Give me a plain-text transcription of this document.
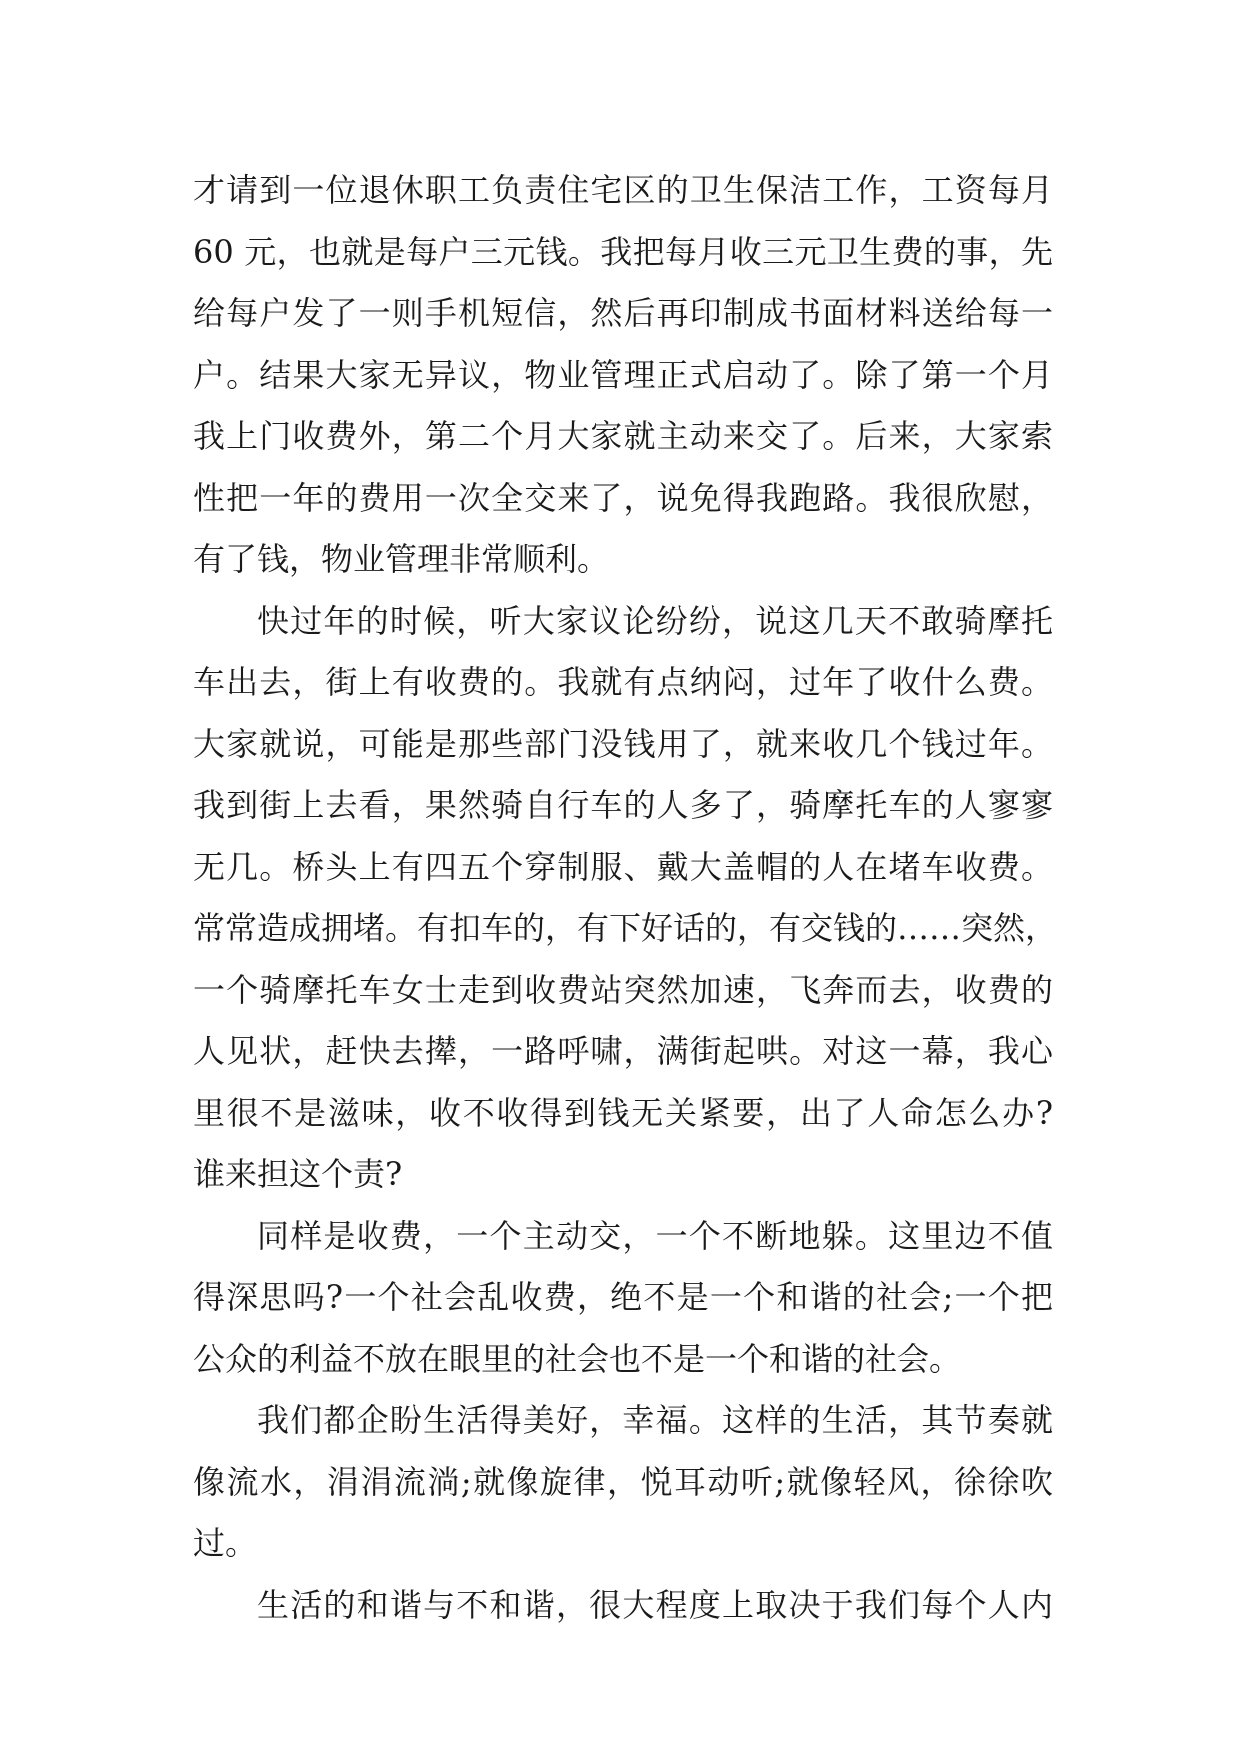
才请到一位退休职工负责住宅区的卫生保洁工作，工资每月
60 元，也就是每户三元钱。我把每月收三元卫生费的事，先
给每户发了一则手机短信，然后再印制成书面材料送给每一
户。结果大家无异议，物业管理正式启动了。除了第一个月
我上门收费外，第二个月大家就主动来交了。后来，大家索
性把一年的费用一次全交来了，说免得我跑路。我很欣慰，
有了钱，物业管理非常顺利。
快过年的时候，听大家议论纷纷，说这几天不敢骑摩托
车出去，街上有收费的。我就有点纳闷，过年了收什么费。
大家就说，可能是那些部门没钱用了，就来收几个钱过年。
我到街上去看，果然骑自行车的人多了，骑摩托车的人寥寥
无几。桥头上有四五个穿制服、戴大盖帽的人在堵车收费。
常常造成拥堵。有扣车的，有下好话的，有交钱的……突然，
一个骑摩托车女士走到收费站突然加速，飞奔而去，收费的
人见状，赶快去撵，一路呼啸，满街起哄。对这一幕，我心
里很不是滋味，收不收得到钱无关紧要，出了人命怎么办?
谁来担这个责?
同样是收费，一个主动交，一个不断地躲。这里边不值
得深思吗?一个社会乱收费，绝不是一个和谐的社会;一个把
公众的利益不放在眼里的社会也不是一个和谐的社会。
我们都企盼生活得美好，幸福。这样的生活，其节奏就
像流水，涓涓流淌;就像旋律，悦耳动听;就像轻风，徐徐吹
过。
生活的和谐与不和谐，很大程度上取决于我们每个人内
